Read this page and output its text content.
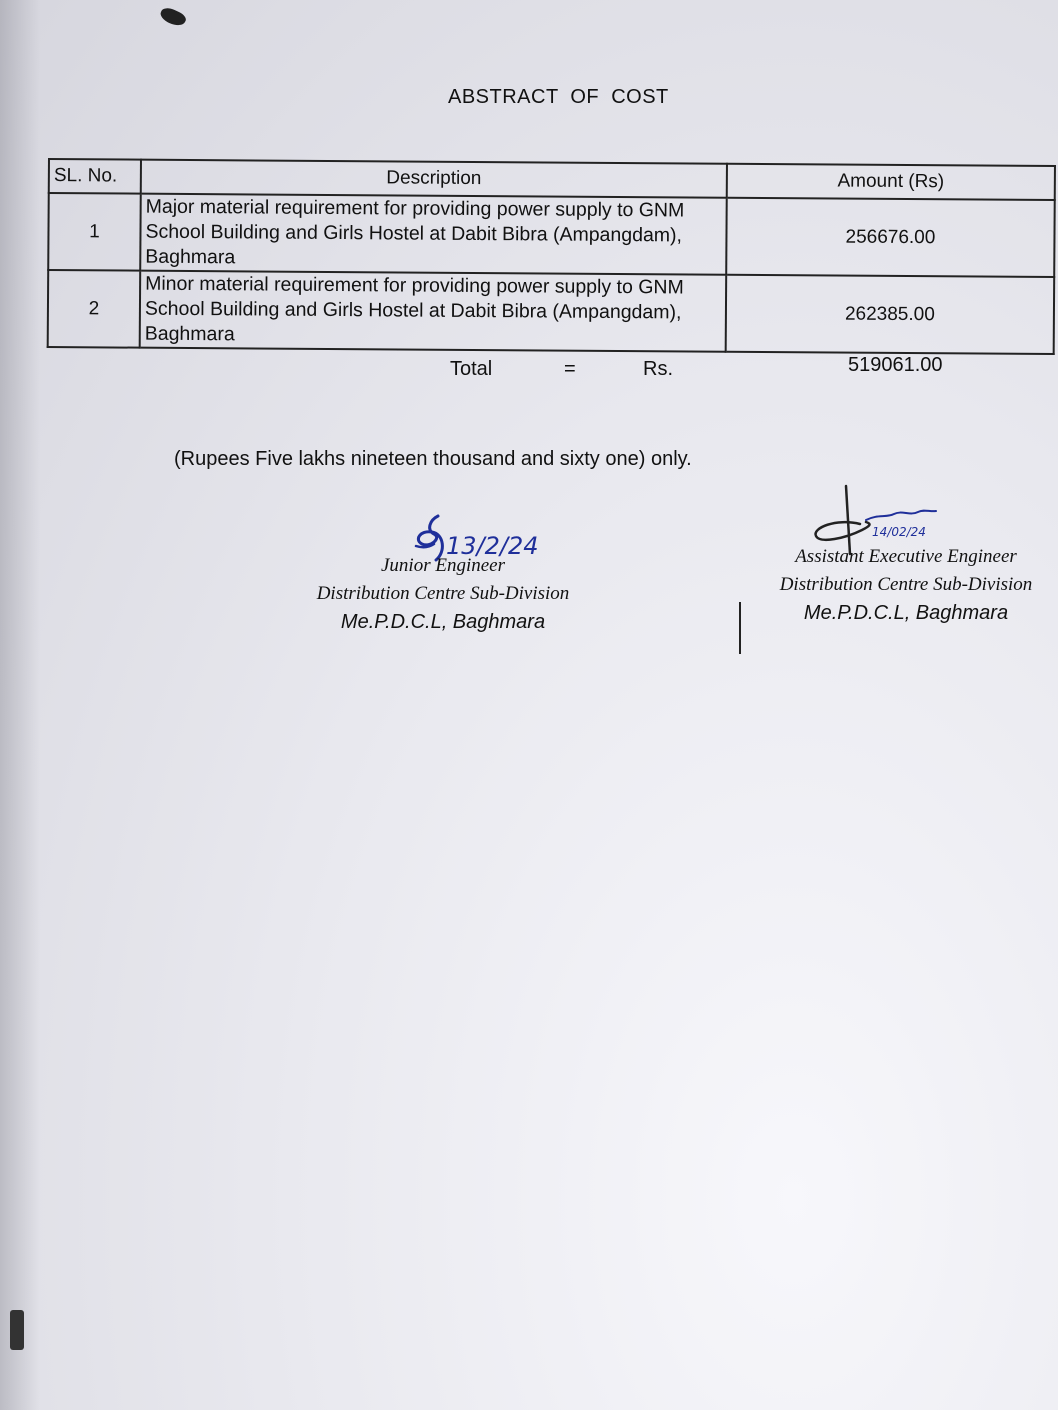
ABSTRACT OF COST
SL. No.	Description	Amount (Rs)
1	Major material requirement for providing power supply to GNM School Building and Girls Hostel at Dabit Bibra (Ampangdam), Baghmara	256676.00
2	Minor material requirement for providing power supply to GNM School Building and Girls Hostel at Dabit Bibra (Ampangdam), Baghmara	262385.00
Total	=	Rs.	519061.00
(Rupees Five lakhs nineteen thousand and sixty one) only.
13/2/24
Junior Engineer
Distribution Centre Sub-Division
Me.P.D.C.L, Baghmara
14/02/24
Assistant Executive Engineer
Distribution Centre Sub-Division
Me.P.D.C.L, Baghmara
